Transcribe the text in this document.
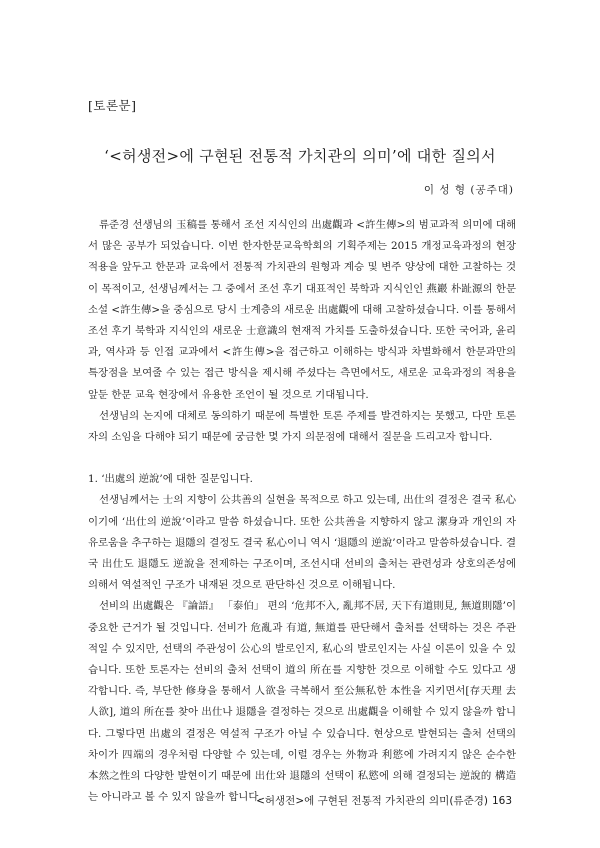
[토론문]
‘<허생전>에 구현된 전통적 가치관의 의미’에 대한 질의서
이 성 형 (공주대)

류준경 선생님의 玉稿를 통해서 조선 지식인의 出處觀과 <許生傳>의 범교과적 의미에 대해서 많은 공부가 되었습니다. 이번 한자한문교육학회의 기획주제는 2015 개정교육과정의 현장적용을 앞두고 한문과 교육에서 전통적 가치관의 원형과 계승 및 변주 양상에 대한 고찰하는 것이 목적이고, 선생님께서는 그 중에서 조선 후기 대표적인 북학과 지식인인 燕巖 朴趾源의 한문 소설 <許生傳>을 중심으로 당시 士계층의 새로운 出處觀에 대해 고찰하셨습니다. 이를 통해서 조선 후기 북학과 지식인의 새로운 士意識의 현재적 가치를 도출하셨습니다. 또한 국어과, 윤리과, 역사과 등 인접 교과에서 <許生傳>을 접근하고 이해하는 방식과 차별화해서 한문과만의 특장점을 보여줄 수 있는 접근 방식을 제시해 주셨다는 측면에서도, 새로운 교육과정의 적용을 앞둔 한문 교육 현장에서 유용한 조언이 될 것으로 기대됩니다.

선생님의 논지에 대체로 동의하기 때문에 특별한 토론 주제를 발견하지는 못했고, 다만 토론자의 소임을 다해야 되기 때문에 궁금한 몇 가지 의문점에 대해서 질문을 드리고자 합니다.

1. ‘出處의 逆說’에 대한 질문입니다.

선생님께서는 士의 지향이 公共善의 실현을 목적으로 하고 있는데, 出仕의 결정은 결국 私心이기에 ‘出仕의 逆說’이라고 말씀 하셨습니다. 또한 公共善을 지향하지 않고 潔身과 개인의 자유로움을 추구하는 退隱의 결정도 결국 私心이니 역시 ‘退隱의 逆說’이라고 말씀하셨습니다. 결국 出仕도 退隱도 逆說을 전제하는 구조이며, 조선시대 선비의 출처는 관련성과 상호의존성에 의해서 역설적인 구조가 내재된 것으로 판단하신 것으로 이해됩니다.

선비의 出處觀은 『論語』 「泰伯」 편의 ‘危邦不入, 亂邦不居, 天下有道則見, 無道則隱’이 중요한 근거가 될 것입니다. 선비가 危亂과 有道, 無道를 판단해서 출처를 선택하는 것은 주관적일 수 있지만, 선택의 주관성이 公心의 발로인지, 私心의 발로인지는 사실 이론이 있을 수 있습니다. 또한 토론자는 선비의 출처 선택이 道의 所在를 지향한 것으로 이해할 수도 있다고 생각합니다. 즉, 부단한 修身을 통해서 人欲을 극복해서 至公無私한 本性을 지키면서[存天理 去人欲], 道의 所在를 찾아 出仕나 退隱을 결정하는 것으로 出處觀을 이해할 수 있지 않을까 합니다. 그렇다면 出處의 결정은 역설적 구조가 아닐 수 있습니다. 현상으로 발현되는 출처 선택의 차이가 四端의 경우처럼 다양할 수 있는데, 이럴 경우는 外物과 利慾에 가려지지 않은 순수한 本然之性의 다양한 발현이기 때문에 出仕와 退隱의 선택이 私慾에 의해 결정되는 逆說的 構造는 아니라고 볼 수 있지 않을까 합니다.

<허생전>에 구현된 전통적 가치관의 의미(류준경) 163
